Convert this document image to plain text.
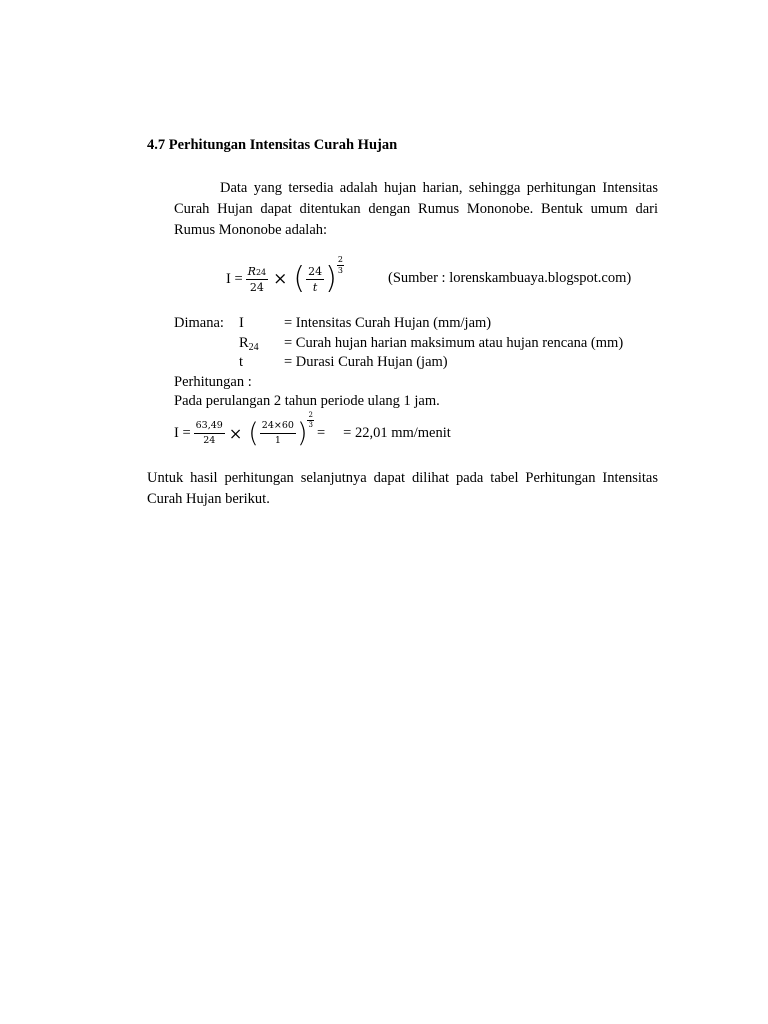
4.7 Perhitungan Intensitas Curah Hujan
Data yang tersedia adalah hujan harian, sehingga perhitungan Intensitas Curah Hujan dapat ditentukan dengan Rumus Mononobe. Bentuk umum dari Rumus Mononobe adalah:
$I = \frac{R24}{24}$ × ( $\frac{24}{t}$ ) $\frac{2}{3}$
(Sumber : lorenskambuaya.blogspot.com)
Dimana: I	= Intensitas Curah Hujan (mm/jam)
$R_{24}$ = Curah hujan harian maksimum atau hujan rencana (mm)
t	= Durasi Curah Hujan (jam)
Perhitungan :
Pada perulangan 2 tahun periode ulang 1 jam.
$I = \frac{63,49}{24}$ × ( $\frac{24\times 60}{1}$ ) $\frac{2}{3}$
= = 22,01 mm/menit
Untuk hasil perhitungan selanjutnya dapat dilihat pada tabel Perhitungan Intensitas Curah Hujan berikut.
